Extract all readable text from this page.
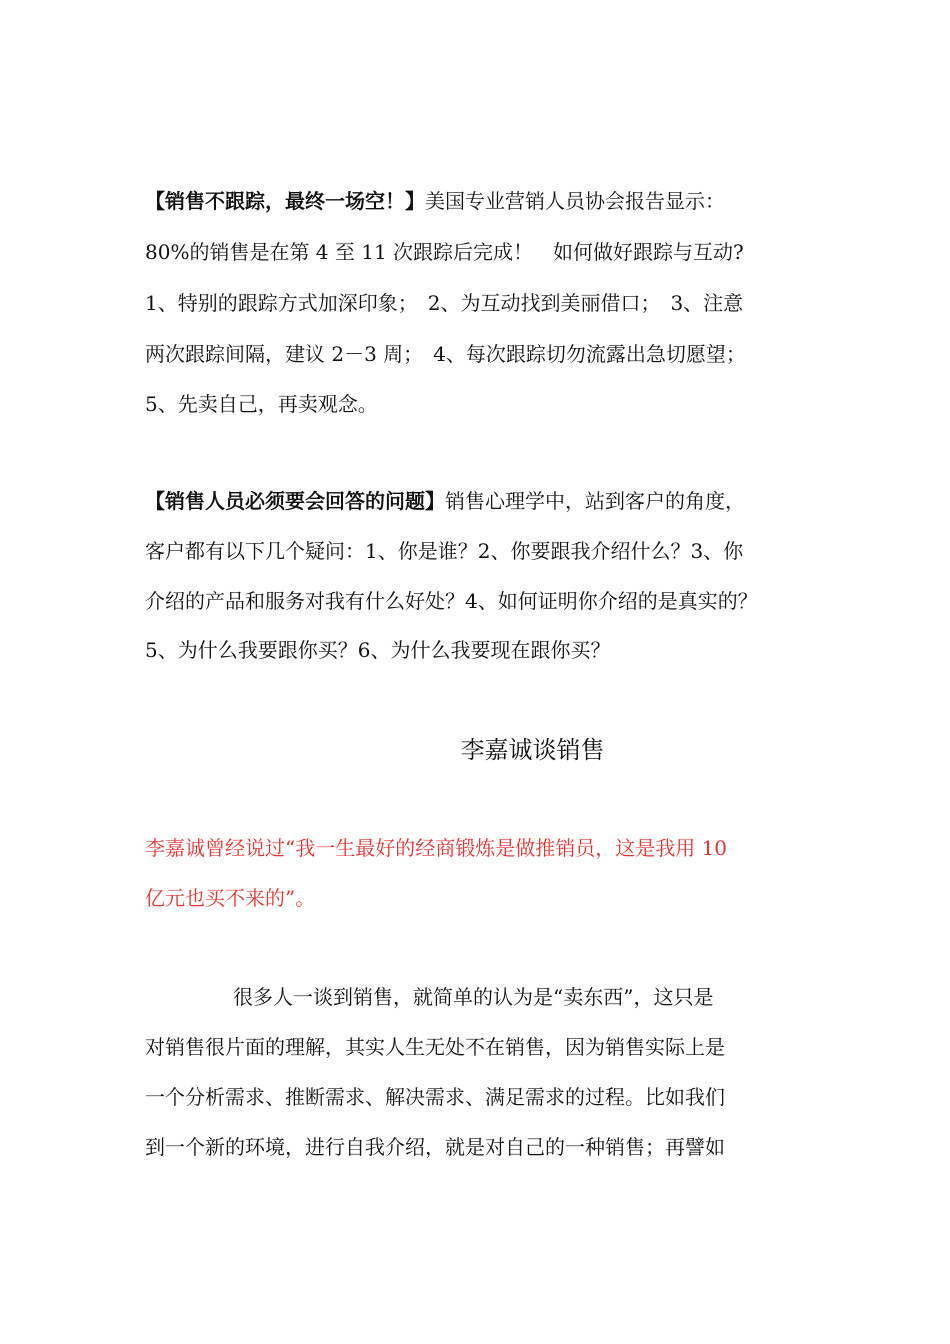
【销售不跟踪，最终一场空！】美国专业营销人员协会报告显示：
80%的销售是在第 4 至 11 次跟踪后完成！　如何做好跟踪与互动?
1、特别的跟踪方式加深印象；　2、为互动找到美丽借口；　3、注意
两次跟踪间隔，建议 2－3 周；　4、每次跟踪切勿流露出急切愿望；
5、先卖自己，再卖观念。
【销售人员必须要会回答的问题】销售心理学中，站到客户的角度，
客户都有以下几个疑问：1、你是谁？2、你要跟我介绍什么？3、你
介绍的产品和服务对我有什么好处？4、如何证明你介绍的是真实的？
5、为什么我要跟你买？6、为什么我要现在跟你买？
李嘉诚谈销售
李嘉诚曾经说过“我一生最好的经商锻炼是做推销员，这是我用 10
亿元也买不来的”。
很多人一谈到销售，就简单的认为是“卖东西”，这只是
对销售很片面的理解，其实人生无处不在销售，因为销售实际上是
一个分析需求、推断需求、解决需求、满足需求的过程。比如我们
到一个新的环境，进行自我介绍，就是对自己的一种销售；再譬如
